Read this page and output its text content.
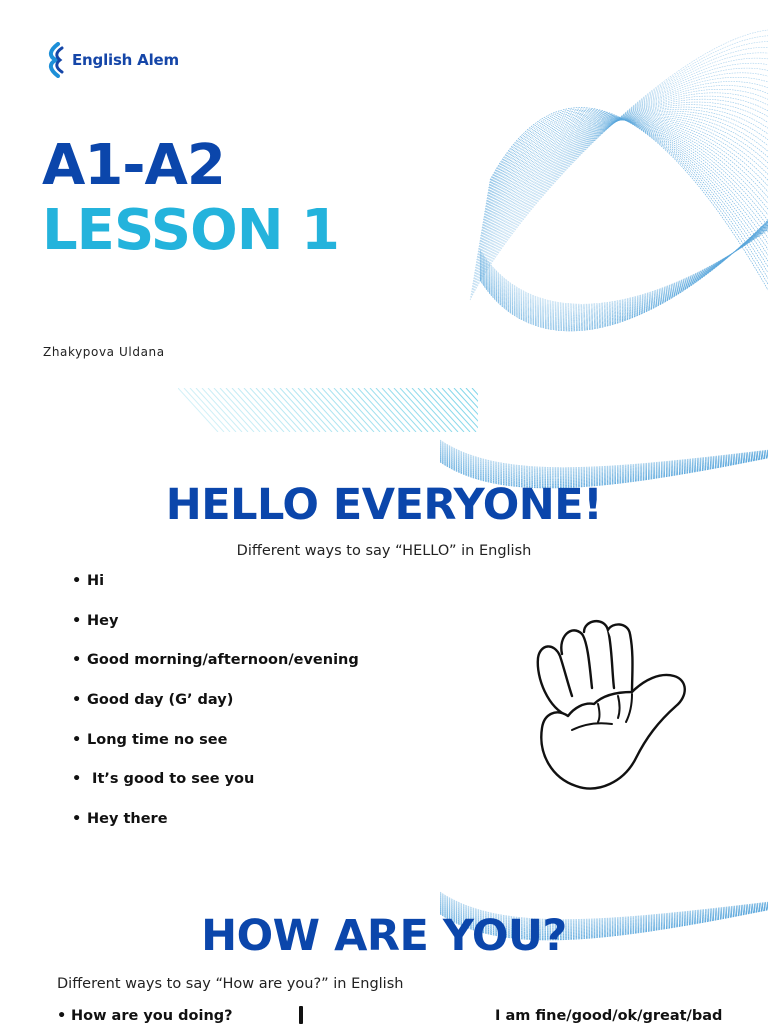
English Alem
A1-A2
LESSON 1
Zhakypova Uldana
HELLO EVERYONE!
Different ways to say “HELLO” in English
• Hi
• Hey
• Good morning/afternoon/evening
• Good day (G’ day)
• Long time no see
• It’s good to see you
• Hey there
HOW ARE YOU?
Different ways to say “How are you?” in English
• How are you doing?	I am fine/good/ok/great/bad
